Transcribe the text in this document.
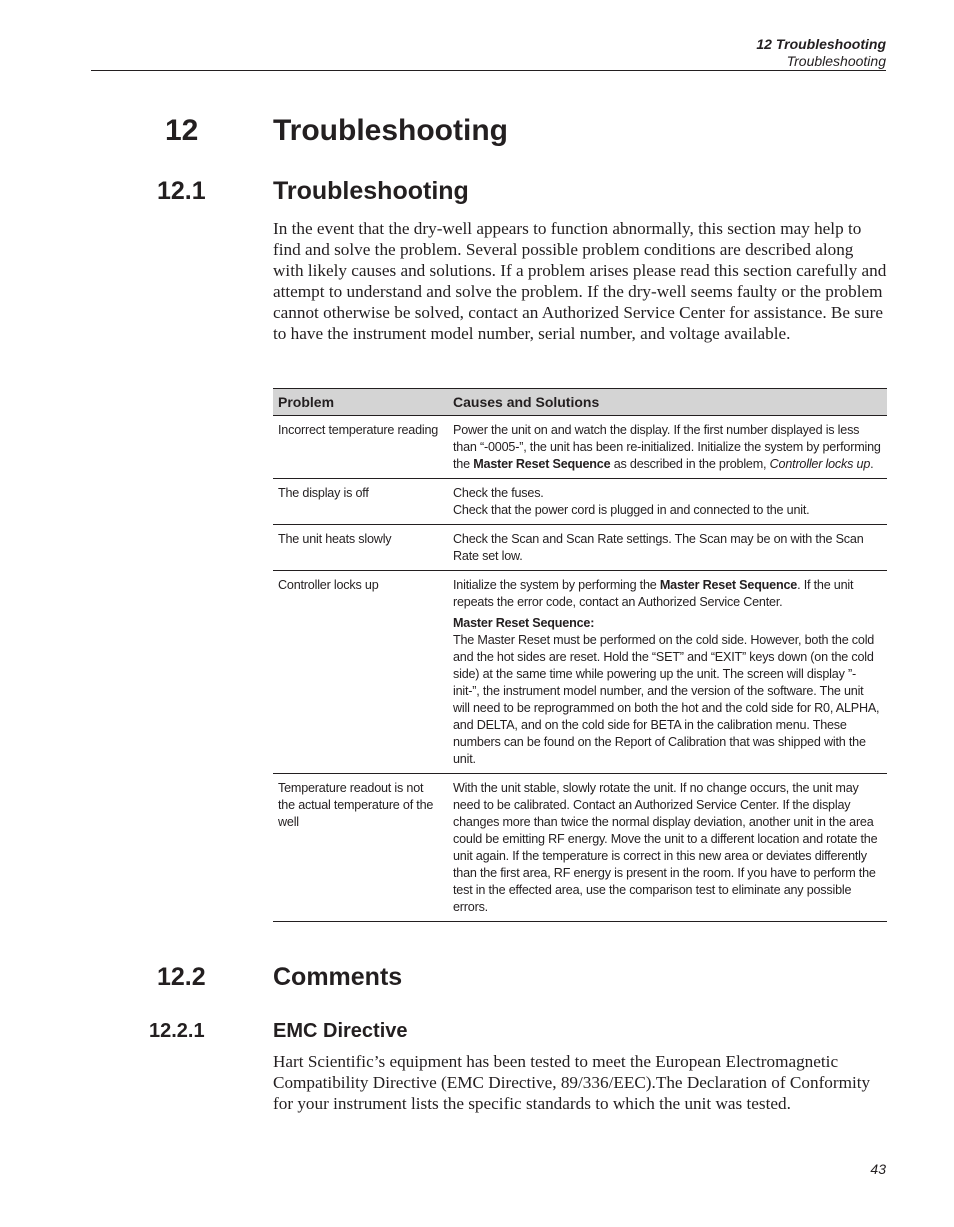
12 Troubleshooting
Troubleshooting
12 Troubleshooting
12.1	Troubleshooting

In the event that the dry-well appears to function abnormally, this section may help to find and solve the problem. Several possible problem conditions are described along with likely causes and solutions. If a problem arises please read this section carefully and attempt to understand and solve the problem. If the dry-well seems faulty or the problem cannot otherwise be solved, contact an Authorized Service Center for assistance. Be sure to have the instrument model number, serial number, and voltage available.

Problem	Causes and Solutions
Incorrect temperature reading	Power the unit on and watch the display. If the first number displayed is less than “-0005-”, the unit has been re-initialized. Initialize the system by performing the Master Reset Sequence as described in the problem, Controller locks up.
The display is off	Check the fuses.
Check that the power cord is plugged in and connected to the unit.

The unit heats slowly	Check the Scan and Scan Rate settings. The Scan may be on with the Scan Rate set low.
Controller locks up	Initialize the system by performing the Master Reset Sequence. If the unit repeats the error code, contact an Authorized Service Center.
Master Reset Sequence:
The Master Reset must be performed on the cold side. However, both the cold and the hot sides are reset. Hold the “SET” and “EXIT” keys down (on the cold side) at the same time while powering up the unit. The screen will display ”-init-”, the instrument model number, and the version of the software. The unit will need to be reprogrammed on both the hot and the cold side for R0, ALPHA, and DELTA, and on the cold side for BETA in the calibration menu. These numbers can be found on the Report of Calibration that was shipped with the unit.

Temperature readout is not the actual temperature of the well	With the unit stable, slowly rotate the unit. If no change occurs, the unit may need to be calibrated. Contact an Authorized Service Center. If the display changes more than twice the normal display deviation, another unit in the area could be emitting RF energy. Move the unit to a different location and rotate the unit again. If the temperature is correct in this new area or deviates differently than the first area, RF energy is present in the room. If you have to perform the test in the effected area, use the comparison test to eliminate any possible errors.
12.2	Comments
12.2.1	EMC Directive

Hart Scientific’s equipment has been tested to meet the European Electromagnetic Compatibility Directive (EMC Directive, 89/336/EEC).The Declaration of Conformity for your instrument lists the specific standards to which the unit was tested.

43
